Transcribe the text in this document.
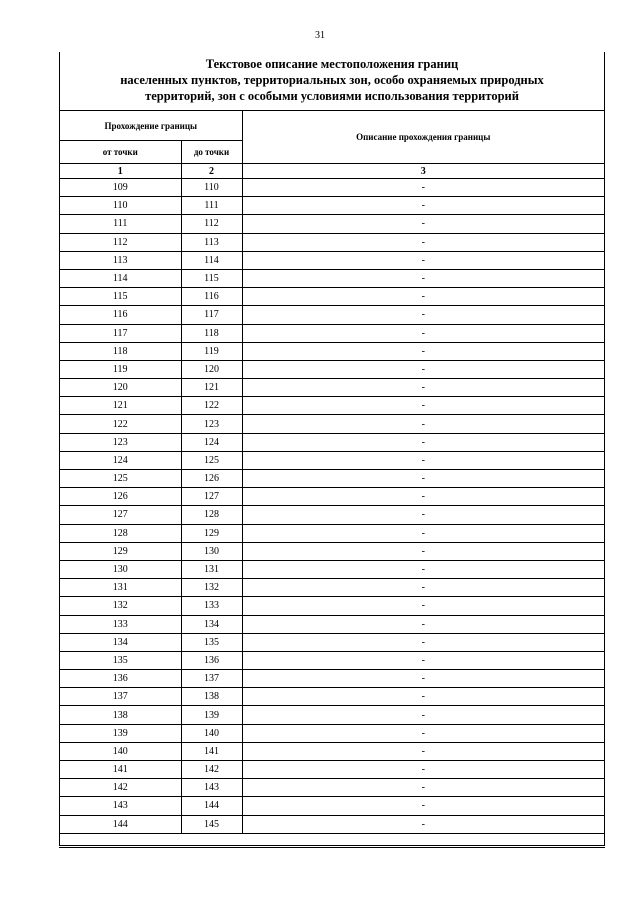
31
Текстовое описание местоположения границ
населенных пунктов, территориальных зон, особо охраняемых природных
территорий, зон с особыми условиями использования территорий
Прохождение границы		Описание прохождения границы
от точки	до точки	
1	2	3
109	110	-
110	111	-
111	112	-
112	113	-
113	114	-
114	115	-
115	116	-
116	117	-
117	118	-
118	119	-
119	120	-
120	121	-
121	122	-
122	123	-
123	124	-
124	125	-
125	126	-
126	127	-
127	128	-
128	129	-
129	130	-
130	131	-
131	132	-
132	133	-
133	134	-
134	135	-
135	136	-
136	137	-
137	138	-
138	139	-
139	140	-
140	141	-
141	142	-
142	143	-
143	144	-
144	145	-
